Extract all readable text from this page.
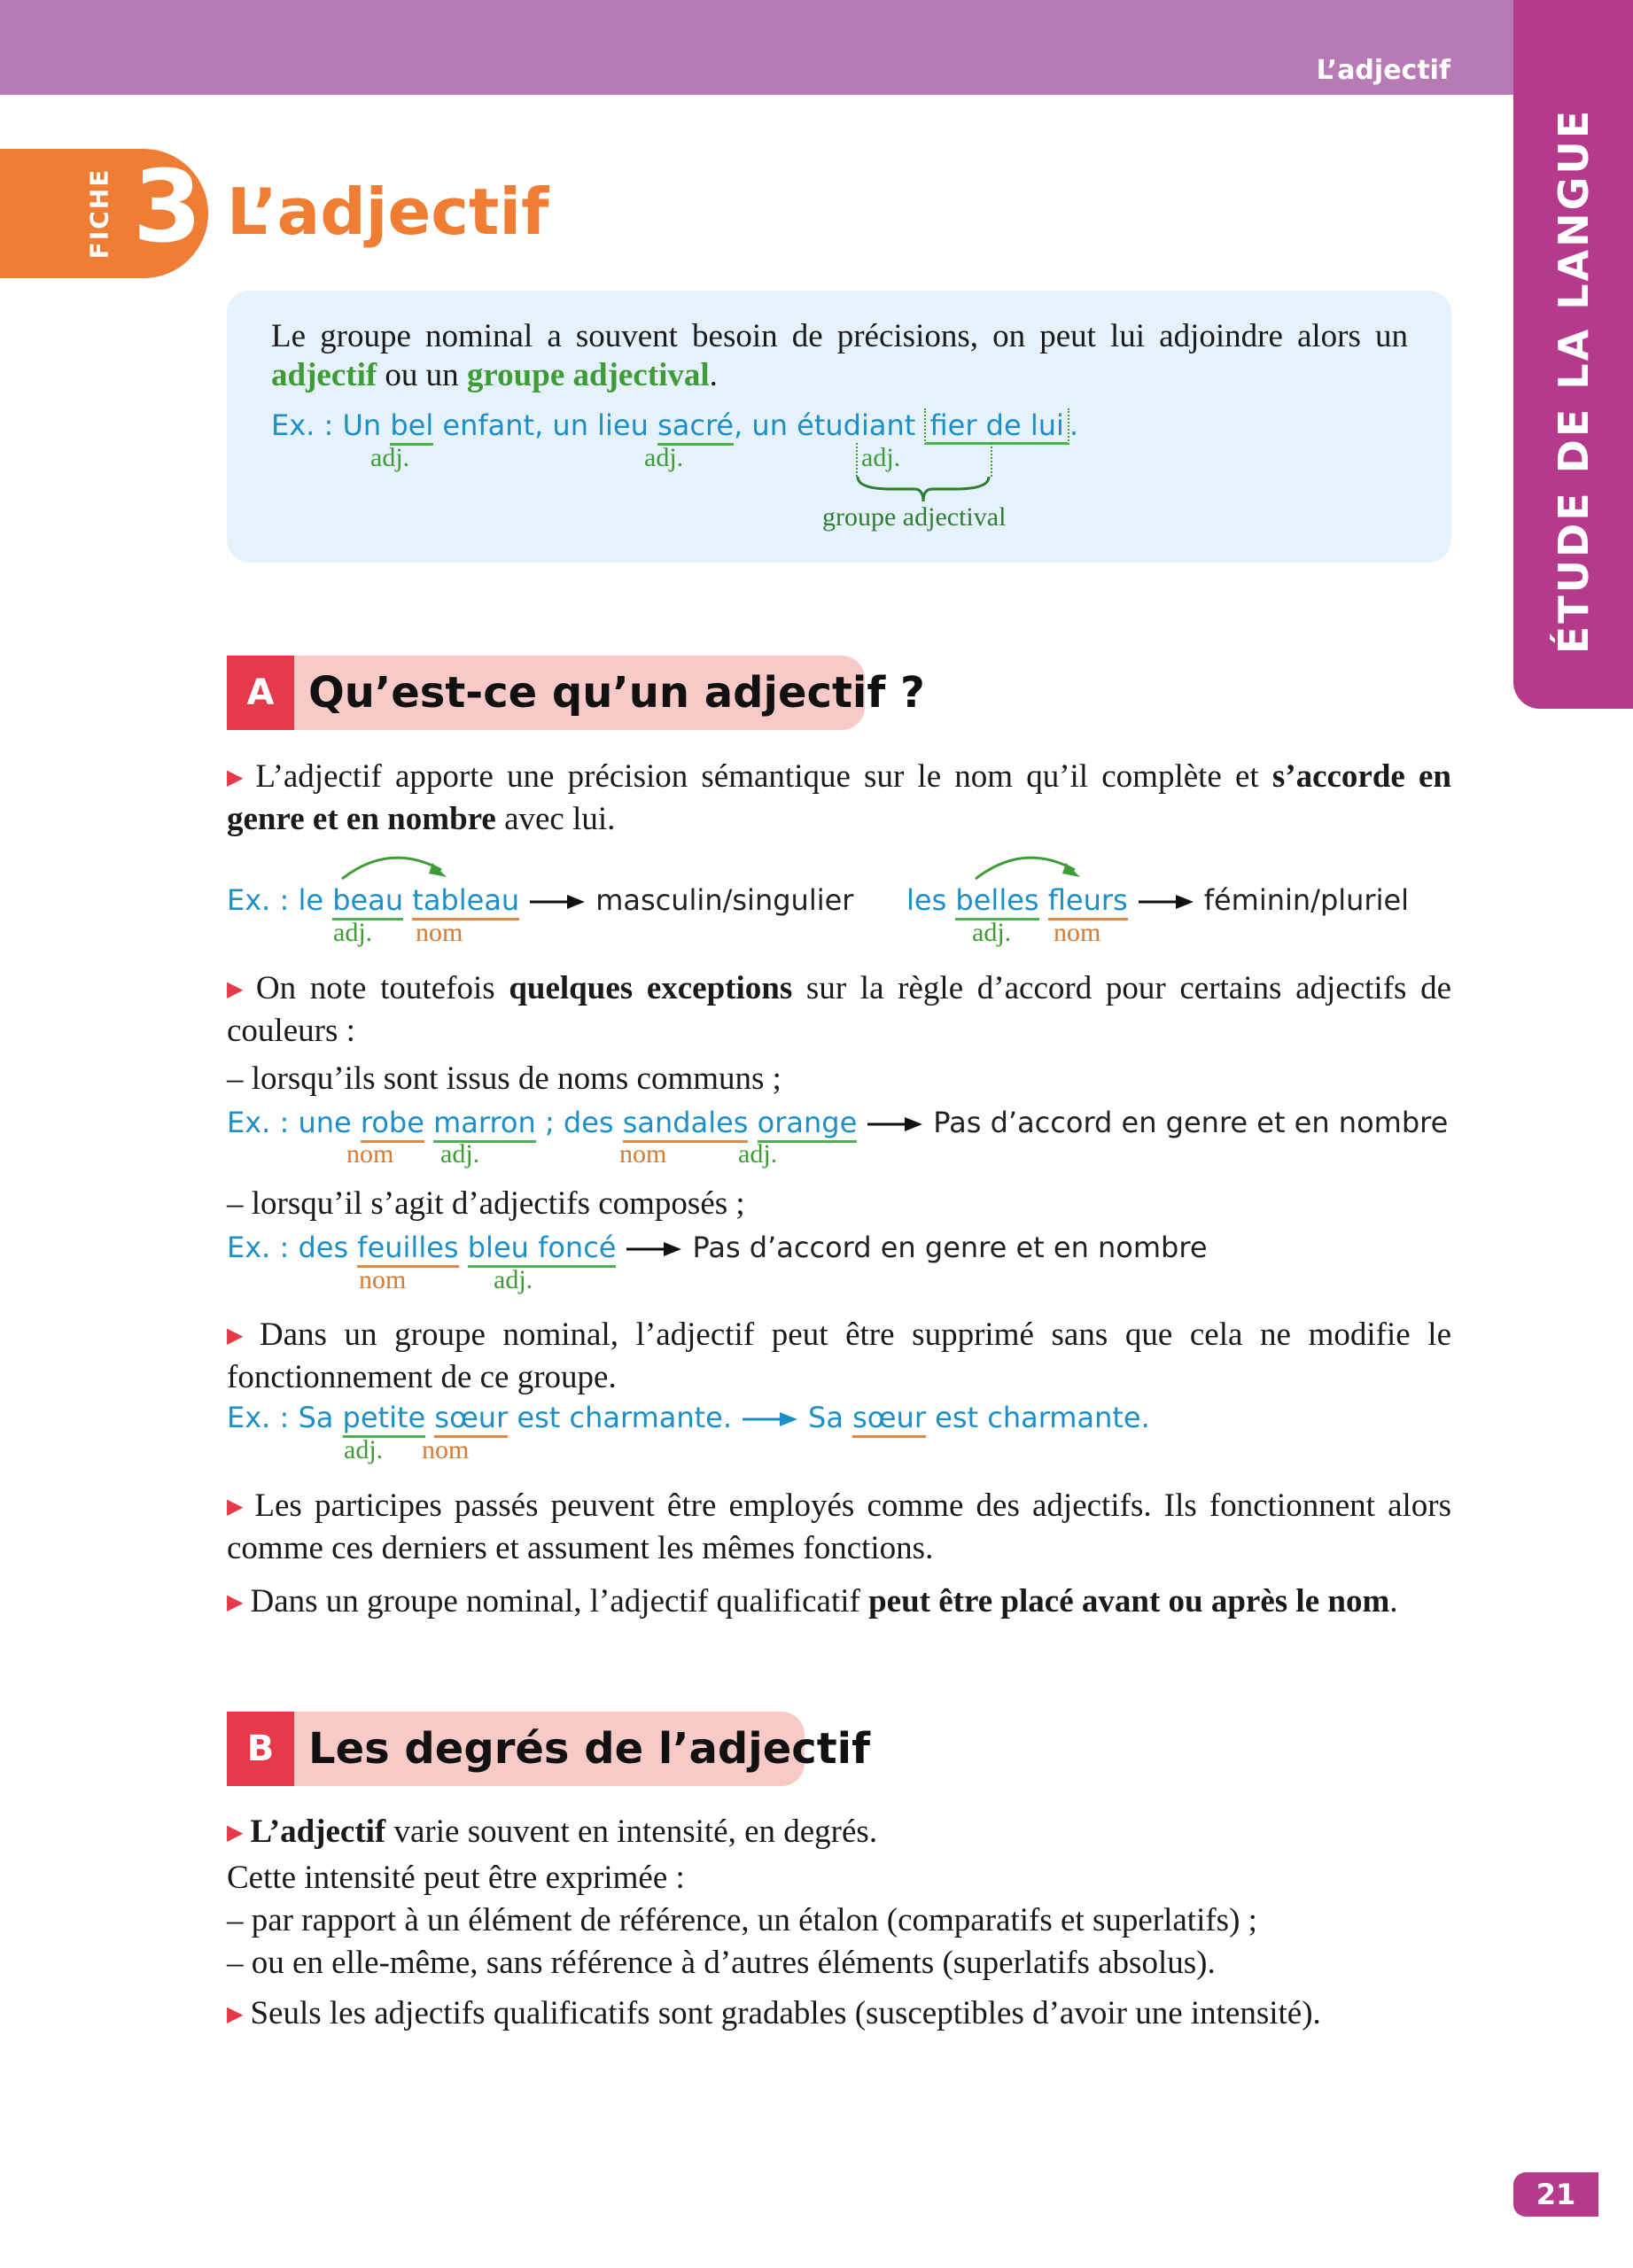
L’adjectif
ÉTUDE DE LA LANGUE
FICHE 3 L’adjectif
Le groupe nominal a souvent besoin de précisions, on peut lui adjoindre alors un adjectif ou un groupe adjectival.
Ex. : Un bel enfant, un lieu sacré, un étudiant fier de lui .
adj.	adj.	adj.
groupe adjectival
A Qu’est-ce qu’un adjectif ?
▶ L’adjectif apporte une précision sémantique sur le nom qu’il complète et s’accorde en genre et en nombre avec lui.
Ex. : le beau tableau	masculin/singulier
adj. nom
les belles fleurs	féminin/pluriel
adj. nom
▶ On note toutefois quelques exceptions sur la règle d’accord pour certains adjectifs de couleurs :
– lorsqu’ils sont issus de noms communs ;
Ex. : une robe marron ; des sandales orange	Pas d’accord en genre et en nombre
nom adj.	nom	adj.
– lorsqu’il s’agit d’adjectifs composés ;
Ex. : des feuilles bleu foncé	Pas d’accord en genre et en nombre
nom	adj.
▶ Dans un groupe nominal, l’adjectif peut être supprimé sans que cela ne modifie le fonctionnement de ce groupe.
Ex. : Sa petite sœur est charmante.	Sa sœur est charmante.
adj. nom
▶ Les participes passés peuvent être employés comme des adjectifs. Ils fonctionnent alors comme ces derniers et assument les mêmes fonctions.
▶ Dans un groupe nominal, l’adjectif qualificatif peut être placé avant ou après le nom.
B Les degrés de l’adjectif
▶ L’adjectif varie souvent en intensité, en degrés.
Cette intensité peut être exprimée :
– par rapport à un élément de référence, un étalon (comparatifs et superlatifs) ;
– ou en elle-même, sans référence à d’autres éléments (superlatifs absolus).
▶ Seuls les adjectifs qualificatifs sont gradables (susceptibles d’avoir une intensité).
21
